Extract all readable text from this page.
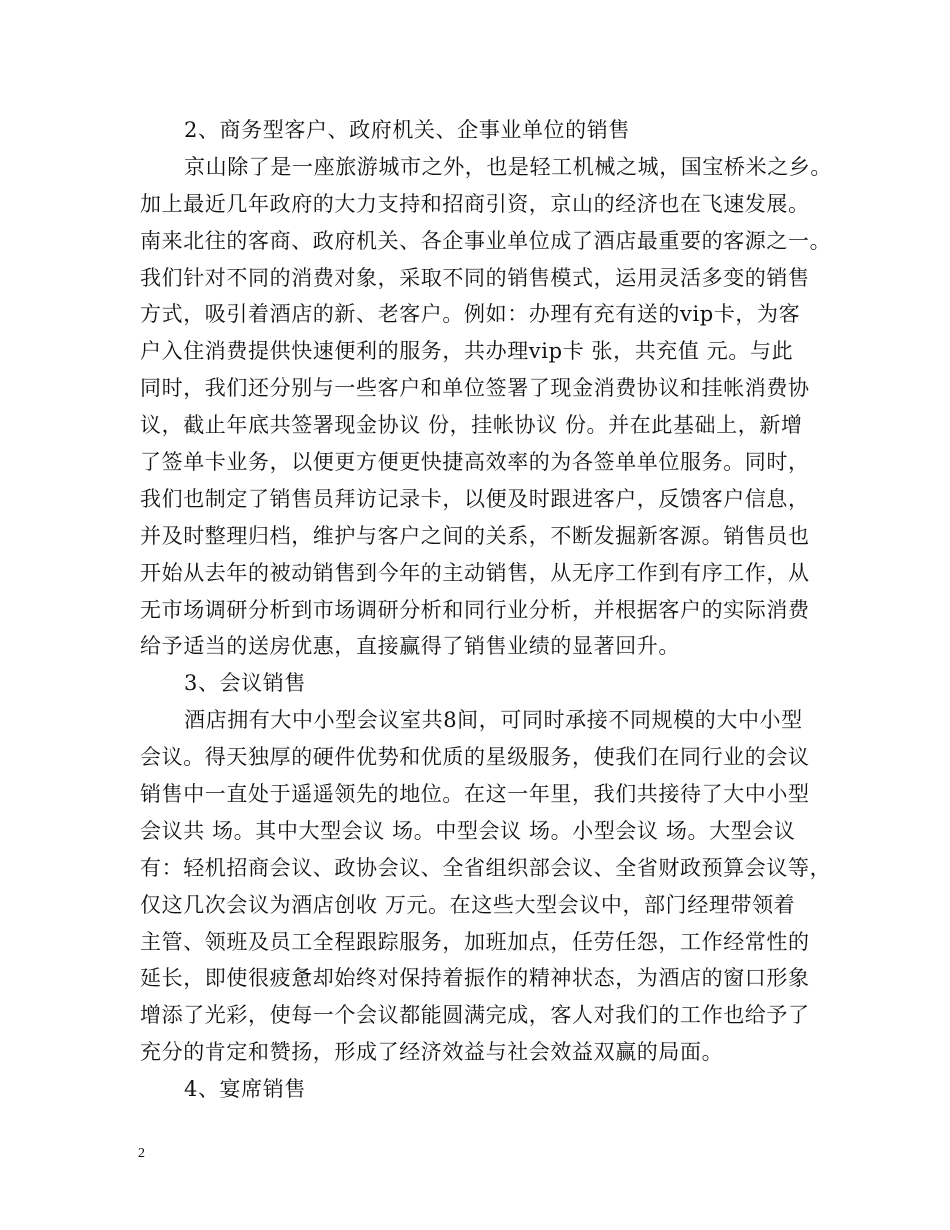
2、商务型客户、政府机关、企事业单位的销售
京山除了是一座旅游城市之外，也是轻工机械之城，国宝桥米之乡。
加上最近几年政府的大力支持和招商引资，京山的经济也在飞速发展。
南来北往的客商、政府机关、各企事业单位成了酒店最重要的客源之一。
我们针对不同的消费对象，采取不同的销售模式，运用灵活多变的销售
方式，吸引着酒店的新、老客户。例如：办理有充有送的vip卡，为客
户入住消费提供快速便利的服务，共办理vip卡 张，共充值 元。与此
同时，我们还分别与一些客户和单位签署了现金消费协议和挂帐消费协
议，截止年底共签署现金协议 份，挂帐协议 份。并在此基础上，新增
了签单卡业务，以便更方便更快捷高效率的为各签单单位服务。同时，
我们也制定了销售员拜访记录卡，以便及时跟进客户，反馈客户信息，
并及时整理归档，维护与客户之间的关系，不断发掘新客源。销售员也
开始从去年的被动销售到今年的主动销售，从无序工作到有序工作，从
无市场调研分析到市场调研分析和同行业分析，并根据客户的实际消费
给予适当的送房优惠，直接赢得了销售业绩的显著回升。
3、会议销售
酒店拥有大中小型会议室共8间，可同时承接不同规模的大中小型
会议。得天独厚的硬件优势和优质的星级服务，使我们在同行业的会议
销售中一直处于遥遥领先的地位。在这一年里，我们共接待了大中小型
会议共 场。其中大型会议 场。中型会议 场。小型会议 场。大型会议
有：轻机招商会议、政协会议、全省组织部会议、全省财政预算会议等，
仅这几次会议为酒店创收 万元。在这些大型会议中，部门经理带领着
主管、领班及员工全程跟踪服务，加班加点，任劳任怨，工作经常性的
延长，即使很疲惫却始终对保持着振作的精神状态，为酒店的窗口形象
增添了光彩，使每一个会议都能圆满完成，客人对我们的工作也给予了
充分的肯定和赞扬，形成了经济效益与社会效益双赢的局面。
4、宴席销售
2
